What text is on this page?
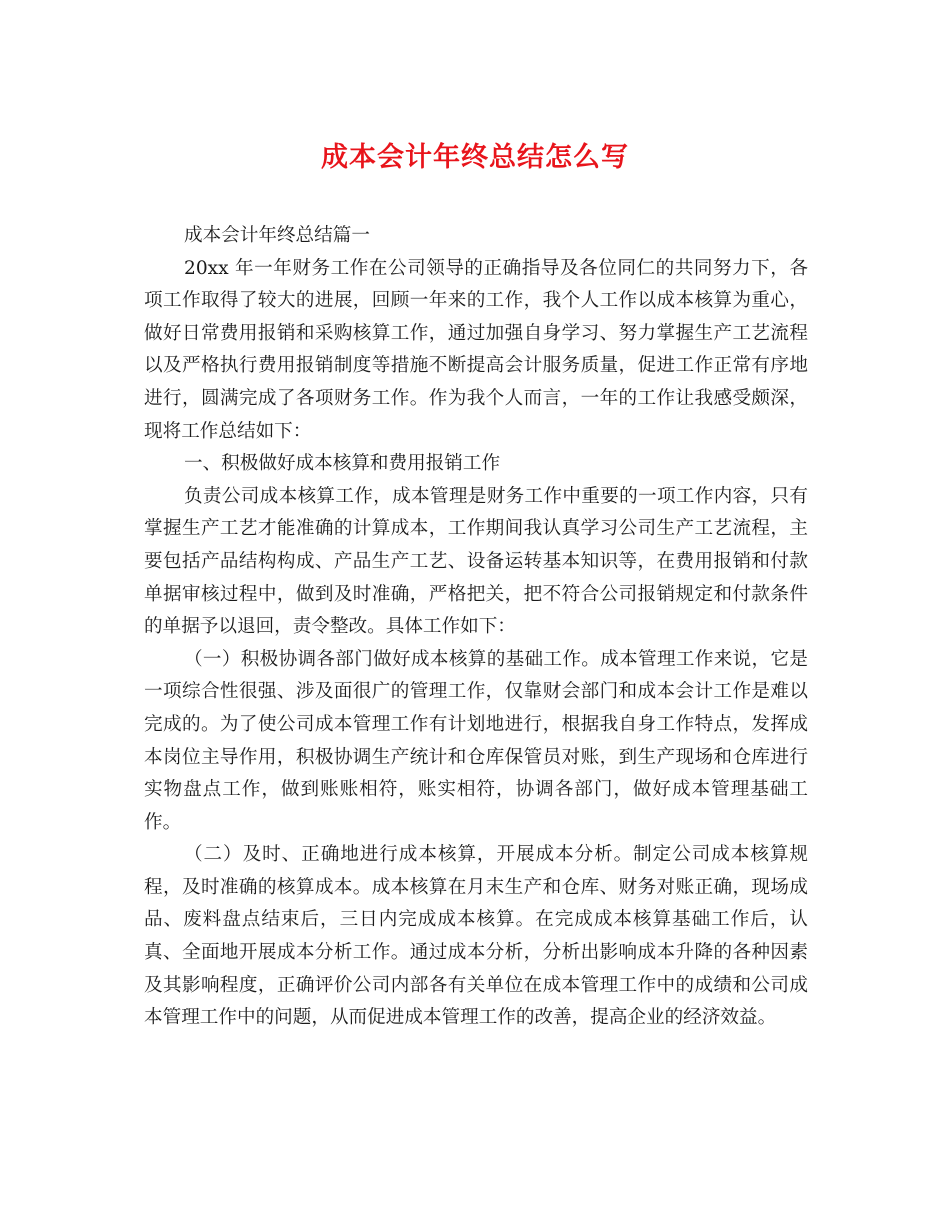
成本会计年终总结怎么写

成本会计年终总结篇一

20xx 年一年财务工作在公司领导的正确指导及各位同仁的共同努力下，各项工作取得了较大的进展，回顾一年来的工作，我个人工作以成本核算为重心，做好日常费用报销和采购核算工作，通过加强自身学习、努力掌握生产工艺流程以及严格执行费用报销制度等措施不断提高会计服务质量，促进工作正常有序地进行，圆满完成了各项财务工作。作为我个人而言，一年的工作让我感受颇深，现将工作总结如下：

一、积极做好成本核算和费用报销工作

负责公司成本核算工作，成本管理是财务工作中重要的一项工作内容，只有掌握生产工艺才能准确的计算成本，工作期间我认真学习公司生产工艺流程，主要包括产品结构构成、产品生产工艺、设备运转基本知识等，在费用报销和付款单据审核过程中，做到及时准确，严格把关，把不符合公司报销规定和付款条件的单据予以退回，责令整改。具体工作如下：

（一）积极协调各部门做好成本核算的基础工作。成本管理工作来说，它是一项综合性很强、涉及面很广的管理工作，仅靠财会部门和成本会计工作是难以完成的。为了使公司成本管理工作有计划地进行，根据我自身工作特点，发挥成本岗位主导作用，积极协调生产统计和仓库保管员对账，到生产现场和仓库进行实物盘点工作，做到账账相符，账实相符，协调各部门，做好成本管理基础工作。

（二）及时、正确地进行成本核算，开展成本分析。制定公司成本核算规程，及时准确的核算成本。成本核算在月末生产和仓库、财务对账正确，现场成品、废料盘点结束后，三日内完成成本核算。在完成成本核算基础工作后，认真、全面地开展成本分析工作。通过成本分析，分析出影响成本升降的各种因素及其影响程度，正确评价公司内部各有关单位在成本管理工作中的成绩和公司成本管理工作中的问题，从而促进成本管理工作的改善，提高企业的经济效益。
